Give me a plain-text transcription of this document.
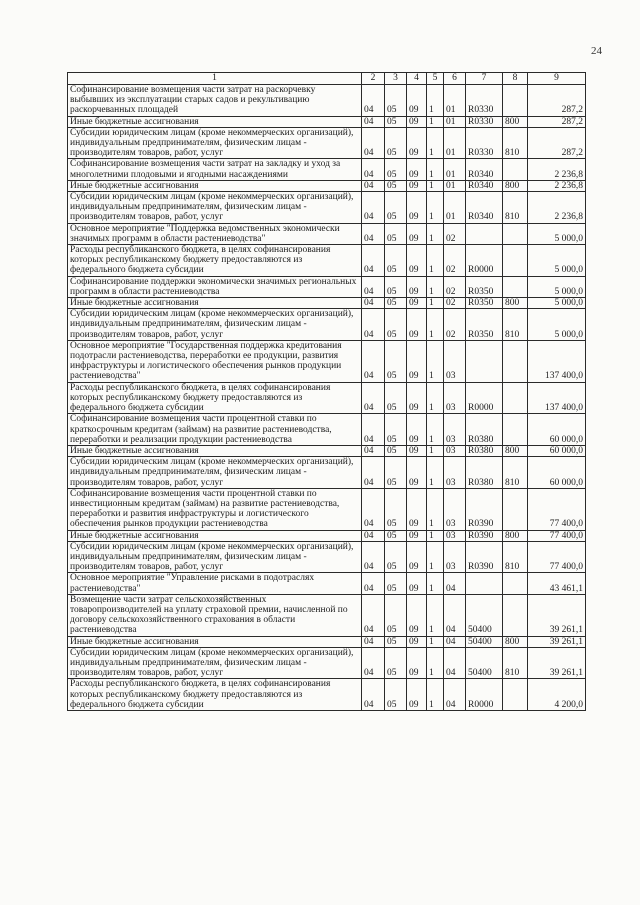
24
1	2	3	4	5	6	7	8	9
Софинансирование возмещения части затрат на раскорчевку выбывших из эксплуатации старых садов и рекультивацию раскорчеванных площадей	04	05	09	1	01	R0330		287,2
Иные бюджетные ассигнования	04	05	09	1	01	R0330	800	287,2
Субсидии юридическим лицам (кроме некоммерческих организаций), индивидуальным предпринимателям, физическим лицам - производителям товаров, работ, услуг	04	05	09	1	01	R0330	810	287,2
Софинансирование возмещения части затрат на закладку и уход за многолетними плодовыми и ягодными насаждениями	04	05	09	1	01	R0340		2 236,8
Иные бюджетные ассигнования	04	05	09	1	01	R0340	800	2 236,8
Субсидии юридическим лицам (кроме некоммерческих организаций), индивидуальным предпринимателям, физическим лицам - производителям товаров, работ, услуг	04	05	09	1	01	R0340	810	2 236,8
Основное мероприятие "Поддержка ведомственных экономически значимых программ в области растениеводства"	04	05	09	1	02			5 000,0
Расходы республиканского бюджета, в целях софинансирования которых республиканскому бюджету предоставляются из федерального бюджета субсидии	04	05	09	1	02	R0000		5 000,0
Софинансирование поддержки экономически значимых региональных программ в области растениеводства	04	05	09	1	02	R0350		5 000,0
Иные бюджетные ассигнования	04	05	09	1	02	R0350	800	5 000,0
Субсидии юридическим лицам (кроме некоммерческих организаций), индивидуальным предпринимателям, физическим лицам - производителям товаров, работ, услуг	04	05	09	1	02	R0350	810	5 000,0
Основное мероприятие "Государственная поддержка кредитования подотрасли растениеводства, переработки ее продукции, развития инфраструктуры и логистического обеспечения рынков продукции растениеводства"	04	05	09	1	03			137 400,0
Расходы республиканского бюджета, в целях софинансирования которых республиканскому бюджету предоставляются из федерального бюджета субсидии	04	05	09	1	03	R0000		137 400,0
Софинансирование возмещения части процентной ставки по краткосрочным кредитам (займам) на развитие растениеводства, переработки и реализации продукции растениеводства	04	05	09	1	03	R0380		60 000,0
Иные бюджетные ассигнования	04	05	09	1	03	R0380	800	60 000,0
Субсидии юридическим лицам (кроме некоммерческих организаций), индивидуальным предпринимателям, физическим лицам - производителям товаров, работ, услуг	04	05	09	1	03	R0380	810	60 000,0
Софинансирование возмещения части процентной ставки по инвестиционным кредитам (займам) на развитие растениеводства, переработки и развития инфраструктуры и логистического обеспечения рынков продукции растениеводства	04	05	09	1	03	R0390		77 400,0
Иные бюджетные ассигнования	04	05	09	1	03	R0390	800	77 400,0
Субсидии юридическим лицам (кроме некоммерческих организаций), индивидуальным предпринимателям, физическим лицам - производителям товаров, работ, услуг	04	05	09	1	03	R0390	810	77 400,0
Основное мероприятие "Управление рисками в подотраслях растениеводства"	04	05	09	1	04			43 461,1
Возмещение части затрат сельскохозяйственных товаропроизводителей на уплату страховой премии, начисленной по договору сельскохозяйственного страхования в области растениеводства	04	05	09	1	04	50400		39 261,1
Иные бюджетные ассигнования	04	05	09	1	04	50400	800	39 261,1
Субсидии юридическим лицам (кроме некоммерческих организаций), индивидуальным предпринимателям, физическим лицам - производителям товаров, работ, услуг	04	05	09	1	04	50400	810	39 261,1
Расходы республиканского бюджета, в целях софинансирования которых республиканскому бюджету предоставляются из федерального бюджета субсидии	04	05	09	1	04	R0000		4 200,0
